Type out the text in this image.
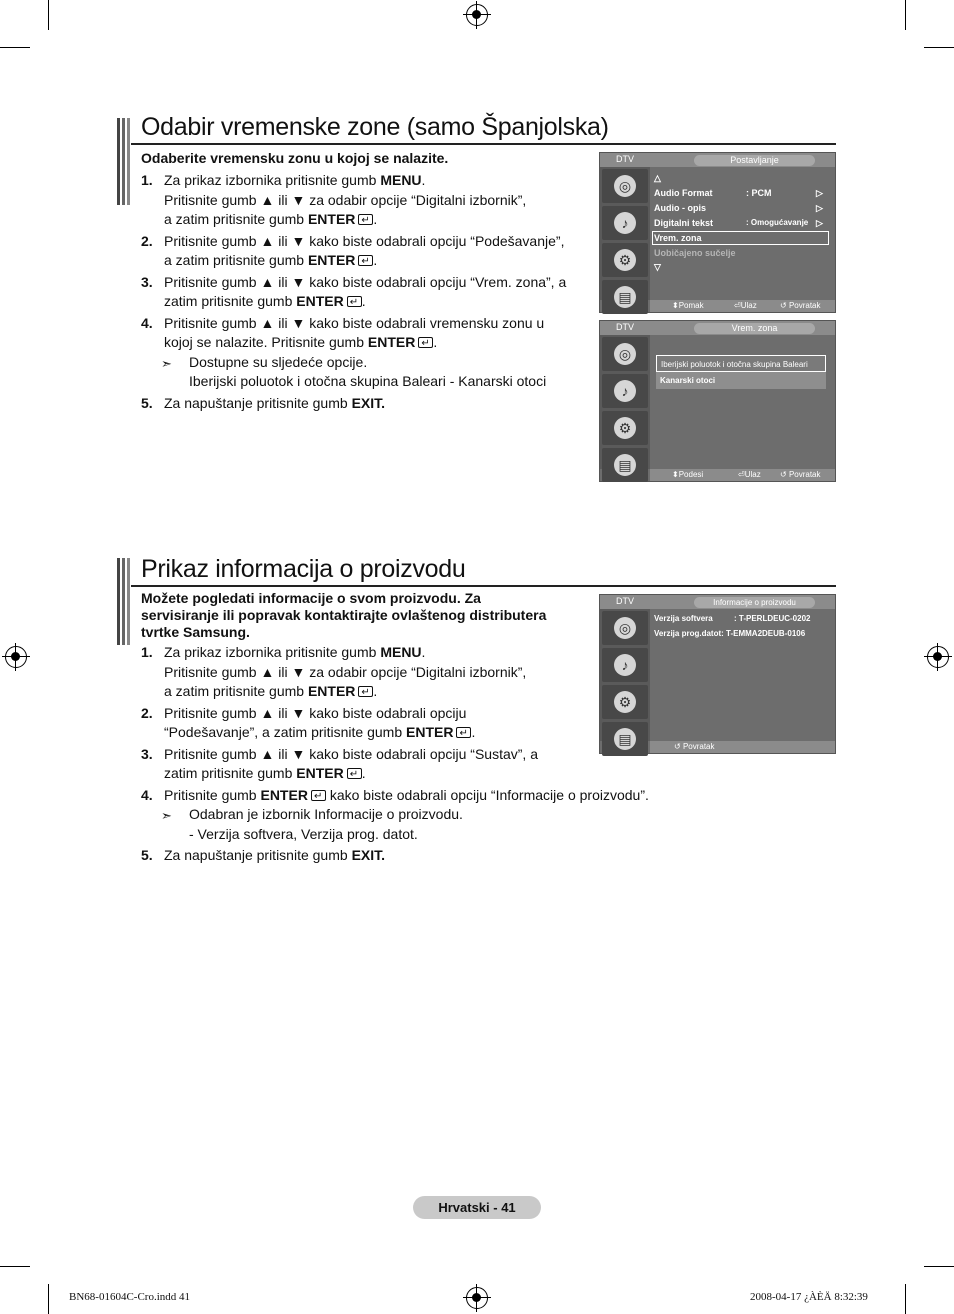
Odabir vremenske zone (samo Španjolska)
Odaberite vremensku zonu u kojoj se nalazite.
1. Za prikaz izbornika pritisnite gumb MENU.
Pritisnite gumb ▲ ili ▼ za odabir opcije “Digitalni izbornik”,
a zatim pritisnite gumb ENTER ↵ .
2. Pritisnite gumb ▲ ili ▼ kako biste odabrali opciju “Podešavanje”,
a zatim pritisnite gumb ENTER ↵ .
3. Pritisnite gumb ▲ ili ▼ kako biste odabrali opciju “Vrem. zona”, a
zatim pritisnite gumb ENTER ↵ .
4. Pritisnite gumb ▲ ili ▼ kako biste odabrali vremensku zonu u
kojoj se nalazite. Pritisnite gumb ENTER ↵ .
➣ Dostupne su sljedeće opcije.
Iberijski poluotok i otočna skupina Baleari - Kanarski otoci
5. Za napuštanje pritisnite gumb EXIT.
DTV	Postavljanje
◎
♪
⚙
▤
△
Audio Format	: PCM	▷
Audio - opis	▷
Digitalni tekst	: Omogućavanje ▷
Vrem. zona
Uobičajeno sučelje
▽
⬍Pomak	⏎Ulaz	↺ Povratak
DTV	Vrem. zona
◎
♪
⚙
▤
Iberijski poluotok i otočna skupina Baleari
Kanarski otoci
⬍Podesi	⏎Ulaz ↺ Povratak
Prikaz informacija o proizvodu
Možete pogledati informacije o svom proizvodu. Za
servisiranje ili popravak kontaktirajte ovlaštenog distributera
tvrtke Samsung.
1. Za prikaz izbornika pritisnite gumb MENU.
Pritisnite gumb ▲ ili ▼ za odabir opcije “Digitalni izbornik”,
a zatim pritisnite gumb ENTER ↵ .
2. Pritisnite gumb ▲ ili ▼ kako biste odabrali opciju
“Podešavanje”, a zatim pritisnite gumb ENTER ↵ .
3. Pritisnite gumb ▲ ili ▼ kako biste odabrali opciju “Sustav”, a
zatim pritisnite gumb ENTER ↵ .
4. Pritisnite gumb ENTER↵ kako biste odabrali opciju “Informacije o proizvodu”.
➣ Odabran je izbornik Informacije o proizvodu.
- Verzija softvera, Verzija prog. datot.
5. Za napuštanje pritisnite gumb EXIT.
DTV	Informacije o proizvodu
◎
♪
⚙
▤
Verzija softvera	: T-PERLDEUC-0202
Verzija prog.datot: T-EMMA2DEUB-0106
↺ Povratak
Hrvatski - 41
BN68-01604C-Cro.indd 41	2008-04-17 ¿ÀÈÄ 8:32:39
